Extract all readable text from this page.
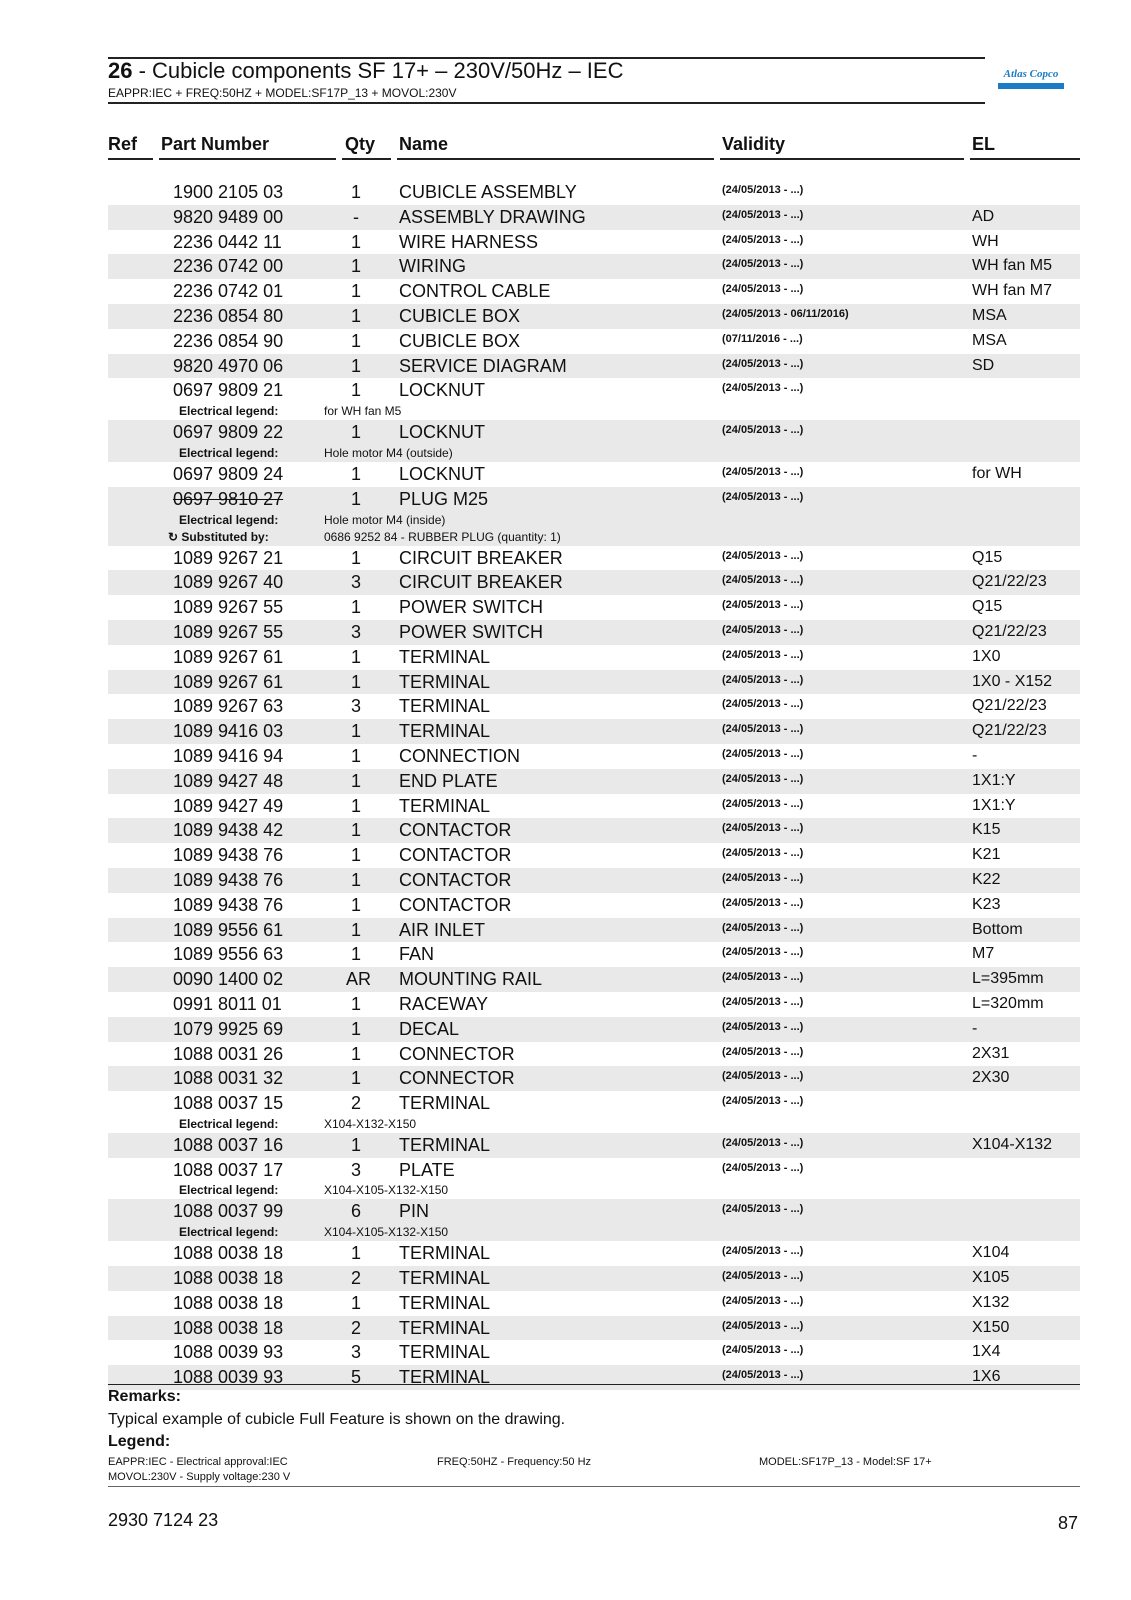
26 - Cubicle components SF 17+ – 230V/50Hz – IEC
EAPPR:IEC + FREQ:50HZ + MODEL:SF17P_13 + MOVOL:230V
Atlas Copco
Ref Part Number	Qty Name	Validity	EL
1900 2105 03	1 CUBICLE ASSEMBLY	(24/05/2013 - ...)
9820 9489 00	-	ASSEMBLY DRAWING	(24/05/2013 - ...)	AD
2236 0442 11	1 WIRE HARNESS	(24/05/2013 - ...)	WH
2236 0742 00	1 WIRING	(24/05/2013 - ...)	WH fan M5
2236 0742 01	1 CONTROL CABLE	(24/05/2013 - ...)	WH fan M7
2236 0854 80	1 CUBICLE BOX	(24/05/2013 - 06/11/2016)	MSA
2236 0854 90	1 CUBICLE BOX	(07/11/2016 - ...)	MSA
9820 4970 06	1 SERVICE DIAGRAM	(24/05/2013 - ...)	SD
0697 9809 21	1 LOCKNUT	(24/05/2013 - ...)
Electrical legend:	for WH fan M5
0697 9809 22	1 LOCKNUT	(24/05/2013 - ...)
Electrical legend:	Hole motor M4 (outside)
0697 9809 24	1 LOCKNUT	(24/05/2013 - ...)	for WH
0697 9810 27	1 PLUG M25	(24/05/2013 - ...)
Electrical legend:	Hole motor M4 (inside)
↻ Substituted by:	0686 9252 84 - RUBBER PLUG (quantity: 1)
1089 9267 21	1 CIRCUIT BREAKER	(24/05/2013 - ...)	Q15
1089 9267 40	3 CIRCUIT BREAKER	(24/05/2013 - ...)	Q21/22/23
1089 9267 55	1 POWER SWITCH	(24/05/2013 - ...)	Q15
1089 9267 55	3 POWER SWITCH	(24/05/2013 - ...)	Q21/22/23
1089 9267 61	1 TERMINAL	(24/05/2013 - ...)	1X0
1089 9267 61	1 TERMINAL	(24/05/2013 - ...)	1X0 - X152
1089 9267 63	3 TERMINAL	(24/05/2013 - ...)	Q21/22/23
1089 9416 03	1 TERMINAL	(24/05/2013 - ...)	Q21/22/23
1089 9416 94	1 CONNECTION	(24/05/2013 - ...)	-
1089 9427 48	1 END PLATE	(24/05/2013 - ...)	1X1:Y
1089 9427 49	1 TERMINAL	(24/05/2013 - ...)	1X1:Y
1089 9438 42	1 CONTACTOR	(24/05/2013 - ...)	K15
1089 9438 76	1 CONTACTOR	(24/05/2013 - ...)	K21
1089 9438 76	1 CONTACTOR	(24/05/2013 - ...)	K22
1089 9438 76	1 CONTACTOR	(24/05/2013 - ...)	K23
1089 9556 61	1 AIR INLET	(24/05/2013 - ...)	Bottom
1089 9556 63	1 FAN	(24/05/2013 - ...)	M7
0090 1400 02	AR MOUNTING RAIL	(24/05/2013 - ...)	L=395mm
0991 8011 01	1 RACEWAY	(24/05/2013 - ...)	L=320mm
1079 9925 69	1 DECAL	(24/05/2013 - ...)	-
1088 0031 26	1 CONNECTOR	(24/05/2013 - ...)	2X31
1088 0031 32	1 CONNECTOR	(24/05/2013 - ...)	2X30
1088 0037 15	2 TERMINAL	(24/05/2013 - ...)
Electrical legend:	X104-X132-X150
1088 0037 16	1 TERMINAL	(24/05/2013 - ...)	X104-X132
1088 0037 17	3 PLATE	(24/05/2013 - ...)
Electrical legend:	X104-X105-X132-X150
1088 0037 99	6 PIN	(24/05/2013 - ...)
Electrical legend:	X104-X105-X132-X150
1088 0038 18	1 TERMINAL	(24/05/2013 - ...)	X104
1088 0038 18	2 TERMINAL	(24/05/2013 - ...)	X105
1088 0038 18	1 TERMINAL	(24/05/2013 - ...)	X132
1088 0038 18	2 TERMINAL	(24/05/2013 - ...)	X150
1088 0039 93	3 TERMINAL	(24/05/2013 - ...)	1X4
1088 0039 93	5 TERMINAL	(24/05/2013 - ...)	1X6
Remarks:
Typical example of cubicle Full Feature is shown on the drawing.
Legend:
EAPPR:IEC - Electrical approval:IEC	FREQ:50HZ - Frequency:50 Hz	MODEL:SF17P_13 - Model:SF 17+
MOVOL:230V - Supply voltage:230 V
2930 7124 23	87
